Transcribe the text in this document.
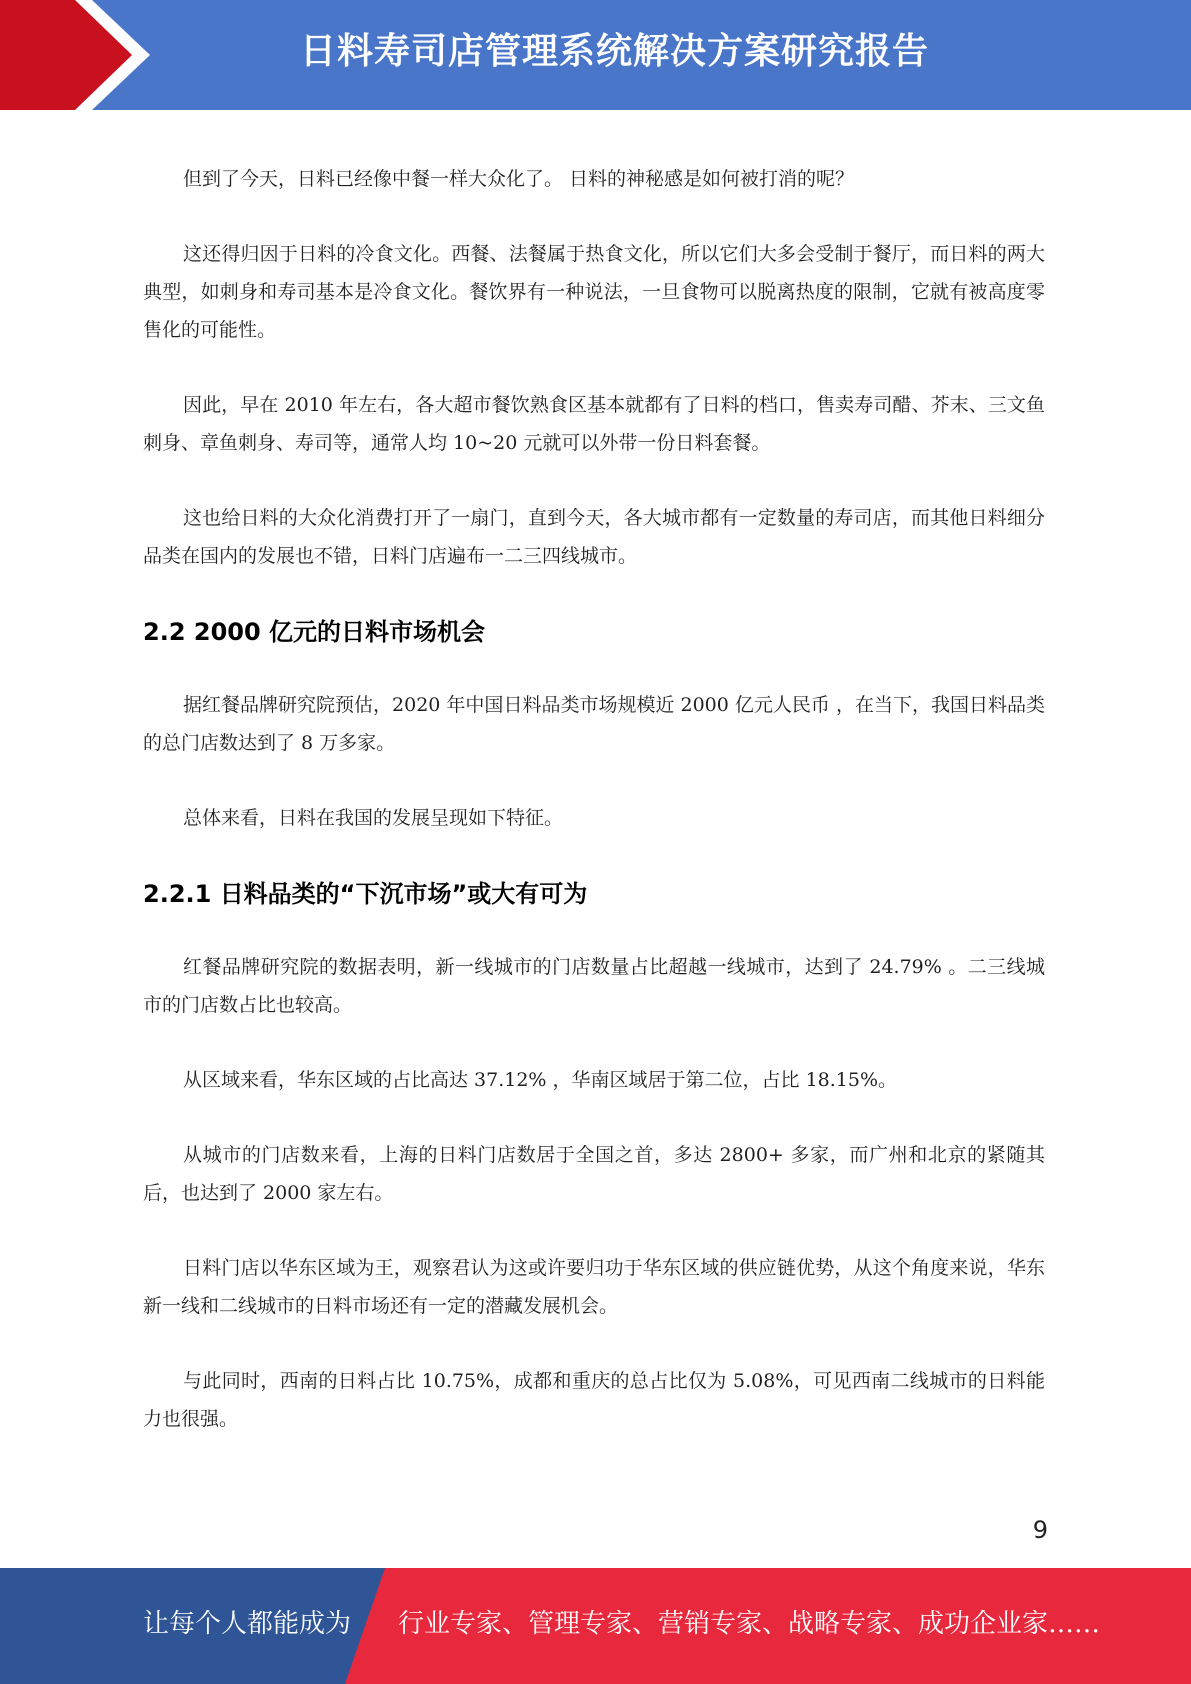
日料寿司店管理系统解决方案研究报告

但到了今天，日料已经像中餐一样大众化了。 日料的神秘感是如何被打消的呢？

这还得归因于日料的冷食文化。西餐、法餐属于热食文化，所以它们大多会受制于餐厅，而日料的两大典型，如刺身和寿司基本是冷食文化。餐饮界有一种说法，一旦食物可以脱离热度的限制，它就有被高度零售化的可能性。

因此，早在 2010 年左右，各大超市餐饮熟食区基本就都有了日料的档口，售卖寿司醋、芥末、三文鱼刺身、章鱼刺身、寿司等，通常人均 10~20 元就可以外带一份日料套餐。

这也给日料的大众化消费打开了一扇门，直到今天，各大城市都有一定数量的寿司店，而其他日料细分品类在国内的发展也不错，日料门店遍布一二三四线城市。

2.2 2000 亿元的日料市场机会

据红餐品牌研究院预估，2020 年中国日料品类市场规模近 2000 亿元人民币 ，在当下，我国日料品类的总门店数达到了 8 万多家。

总体来看，日料在我国的发展呈现如下特征。

2.2.1 日料品类的“下沉市场”或大有可为

红餐品牌研究院的数据表明，新一线城市的门店数量占比超越一线城市，达到了 24.79% 。二三线城市的门店数占比也较高。

从区域来看，华东区域的占比高达 37.12% ，华南区域居于第二位，占比 18.15%。

从城市的门店数来看，上海的日料门店数居于全国之首，多达 2800+ 多家，而广州和北京的紧随其后，也达到了 2000 家左右。

日料门店以华东区域为王，观察君认为这或许要归功于华东区域的供应链优势，从这个角度来说，华东新一线和二线城市的日料市场还有一定的潜藏发展机会。

与此同时，西南的日料占比 10.75%，成都和重庆的总占比仅为 5.08%，可见西南二线城市的日料能力也很强。

9
让每个人都能成为 行业专家、管理专家、营销专家、战略专家、成功企业家……
